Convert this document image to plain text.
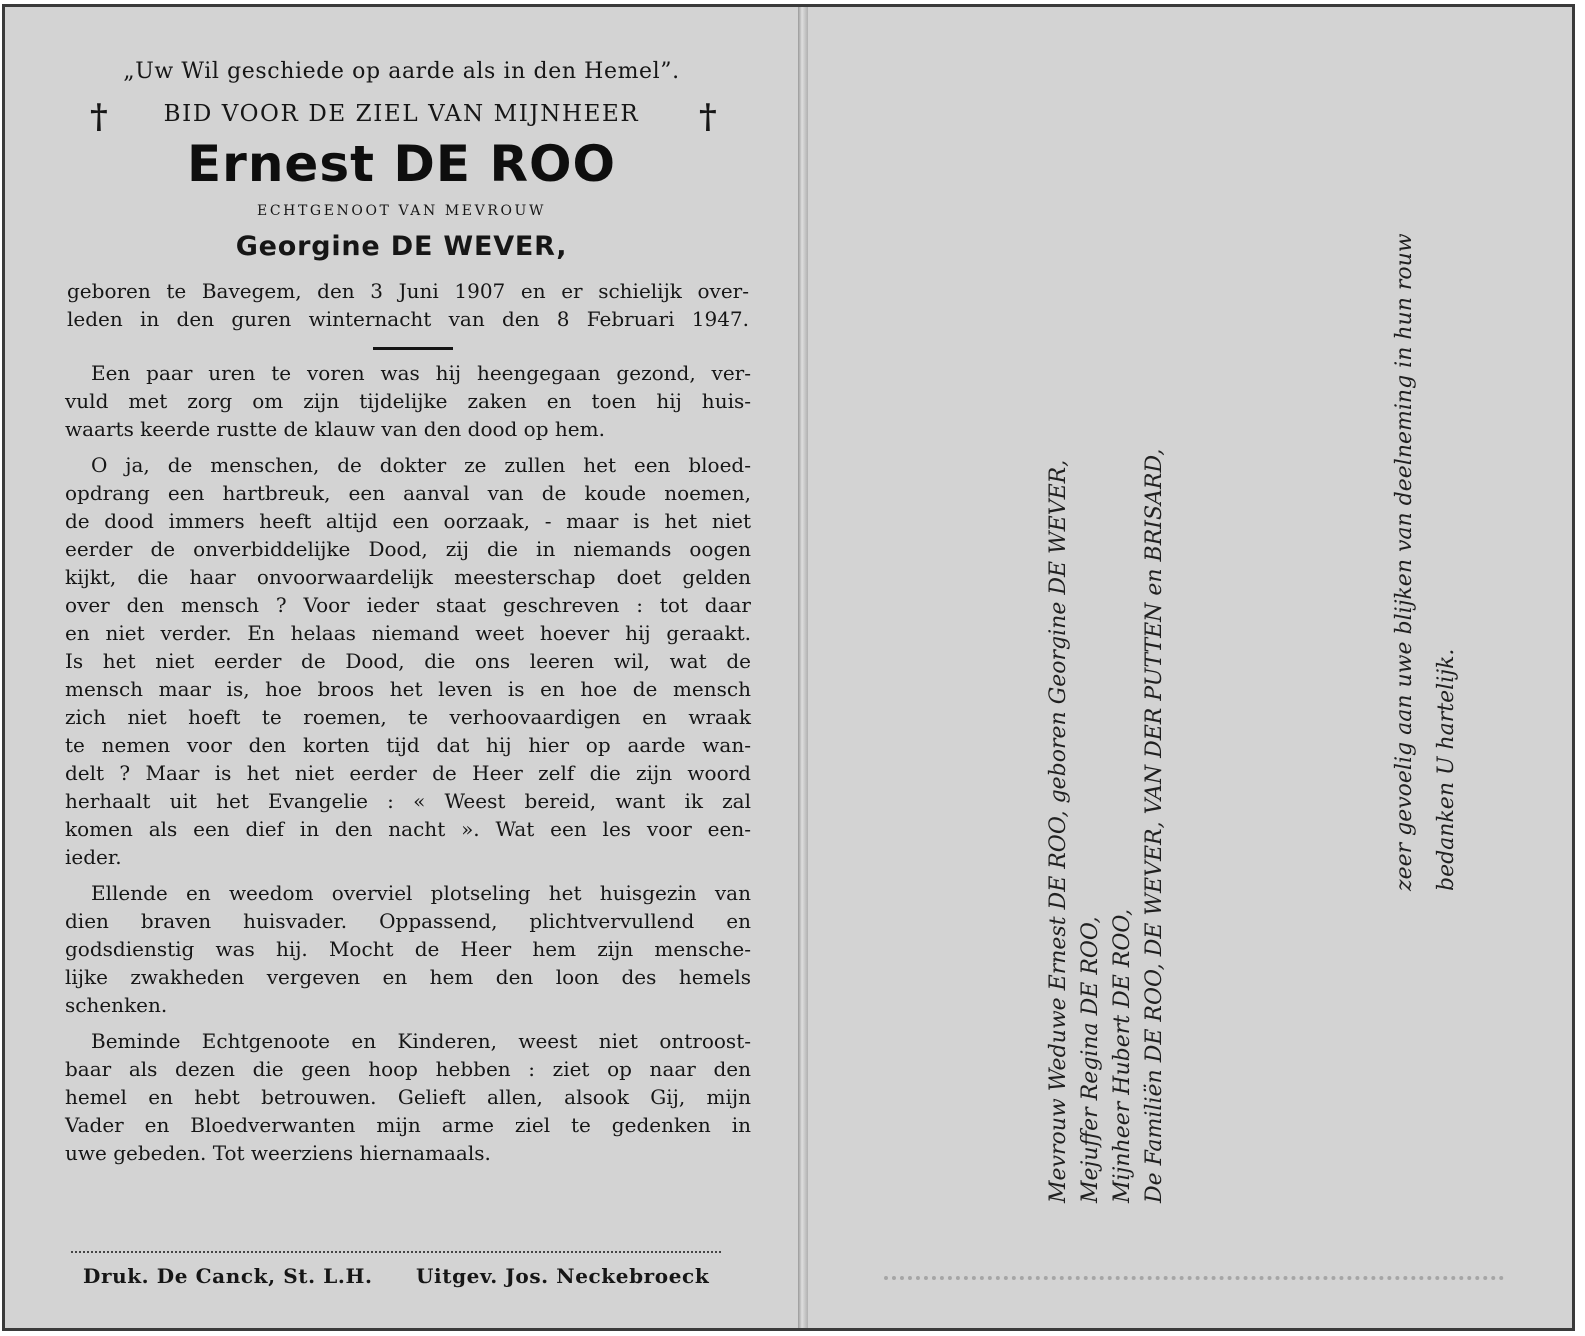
„Uw Wil geschiede op aarde als in den Hemel”.
†	BID VOOR DE ZIEL VAN MIJNHEER	†
Ernest DE ROO
ECHTGENOOT VAN MEVROUW
Georgine DE WEVER,
geboren te Bavegem, den 3 Juni 1907 en er schielijk over-
leden in den guren winternacht van den 8 Februari 1947.
Een paar uren te voren was hij heengegaan gezond, ver-
vuld met zorg om zijn tijdelijke zaken en toen hij huis-
waarts keerde rustte de klauw van den dood op hem.
O ja, de menschen, de dokter ze zullen het een bloed-
opdrang een hartbreuk, een aanval van de koude noemen,
de dood immers heeft altijd een oorzaak, - maar is het niet
eerder de onverbiddelijke Dood, zij die in niemands oogen
kijkt, die haar onvoorwaardelijk meesterschap doet gelden
over den mensch ? Voor ieder staat geschreven : tot daar
en niet verder. En helaas niemand weet hoever hij geraakt.
Is het niet eerder de Dood, die ons leeren wil, wat de
mensch maar is, hoe broos het leven is en hoe de mensch
zich niet hoeft te roemen, te verhoovaardigen en wraak
te nemen voor den korten tijd dat hij hier op aarde wan-
delt ? Maar is het niet eerder de Heer zelf die zijn woord
herhaalt uit het Evangelie : « Weest bereid, want ik zal
komen als een dief in den nacht ». Wat een les voor een-
ieder.
Ellende en weedom overviel plotseling het huisgezin van
dien braven huisvader. Oppassend, plichtvervullend en
godsdienstig was hij. Mocht de Heer hem zijn menschе-
lijke zwakheden vergeven en hem den loon des hemels
schenken.
Beminde Echtgenoote en Kinderen, weest niet ontroost-
baar als dezen die geen hoop hebben : ziet op naar den
hemel en hebt betrouwen. Gelieft allen, alsook Gij, mijn
Vader en Bloedverwanten mijn arme ziel te gedenken in
uwe gebeden. Tot weerziens hiernamaals.
Druk. De Canck, St. L.H. Uitgev. Jos. Neckebroeck
Mevrouw Weduwe Ernest DE ROO, geboren Georgine DE WEVER, Mejuffer Regina DE ROO, Mijnheer Hubert DE ROO, De Familiën DE ROO, DE WEVER, VAN DER PUTTEN en BRISARD,	zeer gevoelig aan uwe blijken van deelneming in hun rouw bedanken U hartelijk.
